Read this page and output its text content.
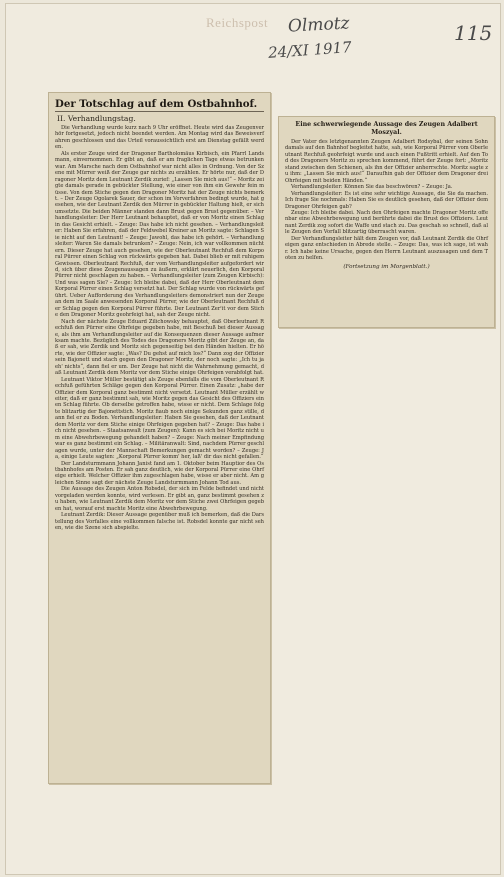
Reichspost Olmotz
24/XI 1917
115
Der Totschlag auf dem Ostbahnhof.
II. Verhandlungstag.

Die Verhandlung wurde kurz nach 9 Uhr eröffnet. Heute wird das Zeugenverhör fortgesetzt, jedoch nicht beendet werden. Am Montag wird das Beweisverfahren geschlossen und das Urteil voraussichtlich erst am Dienstag gefällt werden.

Als erster Zeuge wird der Dragoner Bartholomäus Kirbisch, ein Pfarrl Landsmann, einvernommen. Er gibt an, daß er am fraglichen Tage etwas betrunken war. Am Marsche nach dem Ostbahnhof war nicht alles in Ordnung. Von der Szene mit Mürrer weiß der Zeuge gar nichts zu erzählen. Er hörte nur, daß der Dragoner Moritz dem Leutnant Zerdik zurief: „Lassen Sie mich aus!“ – Moritz zeigte damals gerade in gebückter Stellung, wie einer von ihm ein Gewehr fein müsse. Von dem Stiche gegen den Dragoner Moritz hat der Zeuge nichts bemerkt. – Der Zeuge Ogolarek Sauer, der schon im Vorverfahren bedingt wurde, hat gesehen, wie der Leutnant Zerdik den Mürrer in gebückter Haltung hielt, er sich umsetzte. Die beiden Männer standen dann Brust gegen Brust gegenüber. – Verhandlungsleiter: Der Herr Leutnant behauptet, daß er von Moritz einen Schlag in das Gesicht erhielt. – Zeuge: Das habe ich nicht gesehen. – Verhandlungsleiter: Haben Sie erfahren, daß der Feldwebel Kreiner an Moritz sagte: Schlagen Sie nicht auf den Leutnant! – Zeuge: Jawohl, das habe ich gehört. – Verhandlungsleiter: Waren Sie damals betrunken? – Zeuge: Nein, ich war vollkommen nüchtern. Dieser Zeuge hat auch gesehen, wie der Oberleutnant Rechfuß dem Korporal Pürrer einen Schlag von rückwärts gegeben hat. Dabei blieb er mit ruhigem Gewissen. Oberleutnant Rechfuß, der vom Verhandlungsleiter aufgefordert wird, sich über diese Zeugenaussagen zu äußern, erklärt neuerlich, den Korporal Pürrer nicht geschlagen zu haben. – Verhandlungsleiter (zum Zeugen Kirbisch): Und was sagen Sie? – Zeuge: Ich bleibe dabei, daß der Herr Oberleutnant dem Korporal Pürrer einen Schlag versetzt hat. Der Schlag wurde von rückwärts geführt. Ueber Aufforderung des Verhandlungsleiters demonstriert nun der Zeuge an dem im Saale anwesenden Korporal Pürrer, wie der Oberleutnant Rechfuß der Schlag gegen den Korporal Pürrer führte. Der Leutnant Zer'it vor dem Stiche den Dragoner Moritz geohrfeigt hat, sah der Zeuge nicht.

Nach der nächste Zeuge Eduard Zilichowsky behauptet, daß Oberleutnant Rechfuß den Pürrer eine Ohrfeige gegeben habe, mit Beschuß bei dieser Aussage, als ihm am Verhandlungsleiter auf die Konsequenzen dieser Aussage aufmerksam machte. Bezüglich des Todes des Dragoners Moritz gibt der Zeuge an, daß er sah, wie Zerdik und Moritz sich gegenseitig bei den Händen hielten. Er hörte, wie der Offizier sagte: „Was? Du gehst auf mich los?“ Dann zog der Offizier sein Bajonett und stach gegen den Dragoner Moritz, der noch sagte: „Ich tu ja eh' nichts“, dann fiel er um. Der Zeuge hat nicht die Wahrnehmung gemacht, daß Leutnant Zerdik dem Moritz vor dem Stiche einige Ohrfeigen verabfolgt hat.

Leutnant Viktor Müller bestätigt als Zeuge ebenfalls die vom Oberleutnant Rechfuß geführten Schläge gegen den Korporal Pürrer. Einen Zusatz: „habe der Offizier dem Korporal ganz bestimmt nicht versetzt. Leutnant Müller erzählt weiter, daß er ganz bestimmt sah, wie Moritz gegen das Gesicht des Offiziers einen Schlag führte. Ob derselbe getroffen habe, wisse er nicht. Dem Schlage folgte blitzartig der Bajonettstich. Moritz fiaub noch einige Sekunden ganz stille, dann fiel er zu Boden. Verhandlungsleiter: Haben Sie gesehen, daß der Leutnant dem Moritz vor dem Stiche einige Ohrfeigen gegeben hat? – Zeuge: Das habe ich nicht gesehen. – Staatsanwalt (zum Zeugen): Kann es sich bei Moritz nicht um eine Abwehrbewegung gehandelt haben? – Zeuge: Nach meiner Empfindung war es ganz bestimmt ein Schlag. – Militäranwalt: Sind, nachdem Pürrer geschlagen wurde, unter der Mannschaft Bemerkungen gemacht worden? – Zeuge: Ja, einige Leute sagten: „Korporal Pürrer komm' her, laß' dir das nicht gefallen.“

Der Landsturmmann Johann Janist fand am 1. Oktober beim Hauptior des Ostbahnhofes am Posten. Er sah ganz deutlich, wie der Korporal Pürrer eine Ohrfeige erhielt. Welcher Offizier ihm zugeschlagen habe, wisse er aber nicht. Am gleichen Sinne sagt der nächste Zeuge Landsturmmann Johann Tod aus.

Die Aussage des Zeugen Anton Robsdel, der sich im Felde befindet und nicht vorgeladen werden konnte, wird verlesen. Er gibt an, ganz bestimmt gesehen zu haben, wie Leutnant Zerdik dem Moritz vor dem Stiche zwei Ohrfeigen gegeben hat, worauf erst machte Moritz eine Abwehrbewegung.

Leutnant Zerdik: Dieser Aussage gegenüber muß ich bemerken, daß die Darstellung des Vorfalles eine vollkommen falsche ist. Robsdel konnte gar nicht sehen, wie die Szene sich abspielte.

Eine schwerwiegende Aussage des Zeugen Adalbert Moszyal.

Der Vater des letztgenannten Zeugen Adalbert Rodsybal, der seinen Sohn damals auf den Bahnhof begleitet hatte, sah, wie Korporal Pürrer vom Oberleutnant Rechfuß geohrfeigt wurde und auch einen Fußtritt erhielt. Auf den Tod des Dragoners Moritz zu sprechen kommend, führt der Zeuge fort: „Moritz stand zwischen den Schienen, als ihn der Offizier anherrschte. Moritz sagte zu ihm: „Lassen Sie mich aus!“ Daraufhin gab der Offizier dem Dragoner drei Ohrfeigen mit beiden Händen.“

Verhandlungsleiter: Können Sie das beschwören? – Zeuge: Ja.

Verhandlungsleiter: Es ist eine sehr wichtige Aussage, die Sie da machen. Ich frage Sie nochmals: Haben Sie es deutlich gesehen, daß der Offizier dem Dragoner Ohrfeigen gab?

Zeuge: Ich bleibe dabei. Nach den Ohrfeigen machte Dragoner Moritz offenbar eine Abwehrbewegung und berührte dabei die Brust des Offiziers. Leutnant Zerdik zog sofort die Waffe und stach zu. Das geschah so schnell, daß alle Zeugen den Vorfall blitzartig überrascht waren.

Der Verhandlungsleiter hält dem Zeugen vor, daß Leutnant Zerdik die Ohrfeigen ganz entschieden in Abrede stelle. – Zeuge: Das, was ich sage, ist wahr. Ich habe keine Ursache, gegen den Herrn Leutnant auszusagen und dem Toten zu helfen.

(Fortsetzung im Morgenblatt.)
